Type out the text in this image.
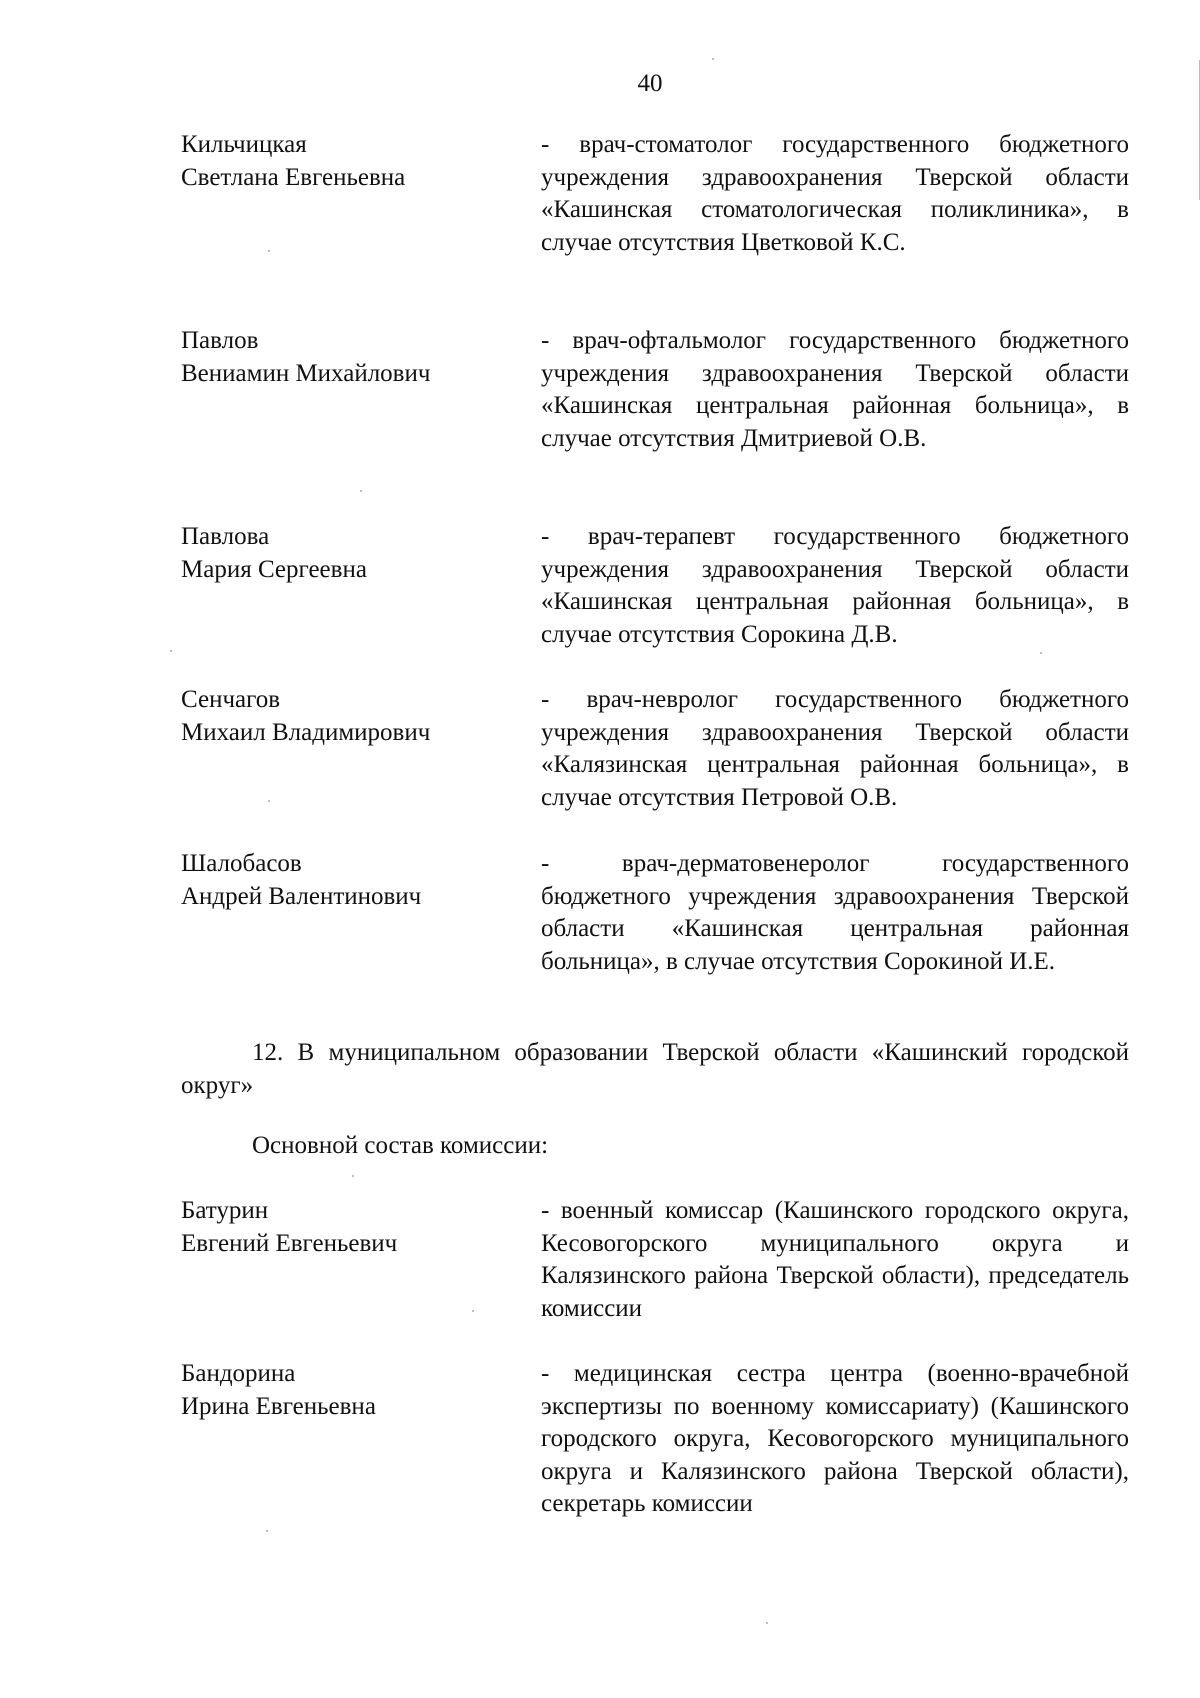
40
Кильчицкая
Светлана Евгеньевна
- врач-стоматолог государственного бюджетного учреждения здравоохранения Тверской области «Кашинская стоматологическая поликлиника», в случае отсутствия Цветковой К.С.
Павлов
Вениамин Михайлович
- врач-офтальмолог государственного бюджетного учреждения здравоохранения Тверской области «Кашинская центральная районная больница», в случае отсутствия Дмитриевой О.В.
Павлова
Мария Сергеевна
- врач-терапевт государственного бюджетного учреждения здравоохранения Тверской области «Кашинская центральная районная больница», в случае отсутствия Сорокина Д.В.
Сенчагов
Михаил Владимирович
- врач-невролог государственного бюджетного учреждения здравоохранения Тверской области «Калязинская центральная районная больница», в случае отсутствия Петровой О.В.
Шалобасов
Андрей Валентинович
- врач-дерматовенеролог государственного бюджетного учреждения здравоохранения Тверской области «Кашинская центральная районная больница», в случае отсутствия Сорокиной И.Е.
12. В муниципальном образовании Тверской области «Кашинский городской округ»
Основной состав комиссии:
Батурин
Евгений Евгеньевич
- военный комиссар (Кашинского городского округа, Кесовогорского муниципального округа и Калязинского района Тверской области), председатель комиссии
Бандорина
Ирина Евгеньевна
- медицинская сестра центра (военно-врачебной экспертизы по военному комиссариату) (Кашинского городского округа, Кесовогорского муниципального округа и Калязинского района Тверской области), секретарь комиссии
